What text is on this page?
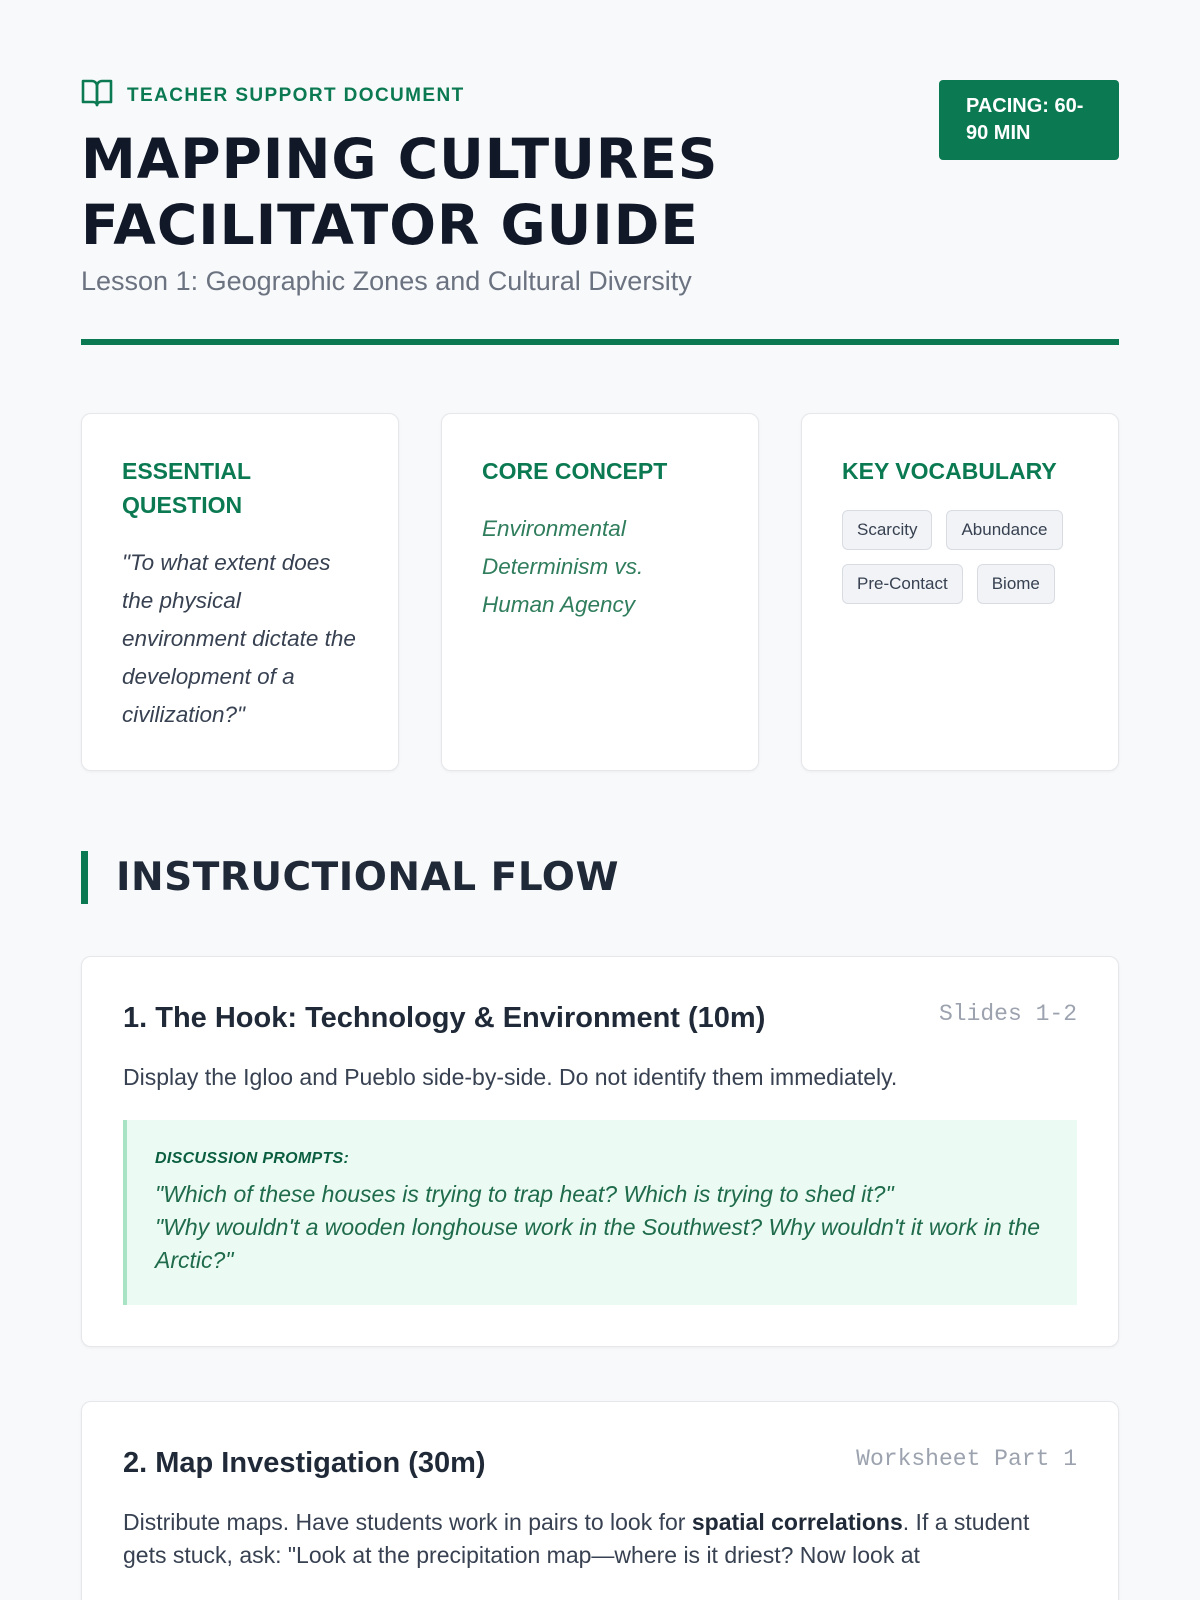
TEACHER SUPPORT DOCUMENT
MAPPING CULTURES
FACILITATOR GUIDE
Lesson 1: Geographic Zones and Cultural Diversity
PACING: 60-90 MIN
ESSENTIAL QUESTION
"To what extent does the physical environment dictate the development of a civilization?"
CORE CONCEPT
Environmental Determinism vs. Human Agency
KEY VOCABULARY
Scarcity	Abundance
Pre-Contact	Biome
INSTRUCTIONAL FLOW
1. The Hook: Technology & Environment (10m)	Slides 1-2
Display the Igloo and Pueblo side-by-side. Do not identify them immediately.
DISCUSSION PROMPTS:
"Which of these houses is trying to trap heat? Which is trying to shed it?"
"Why wouldn't a wooden longhouse work in the Southwest? Why wouldn't it work in the Arctic?"
2. Map Investigation (30m)	Worksheet Part 1
Distribute maps. Have students work in pairs to look for spatial correlations. If a student gets stuck, ask: "Look at the precipitation map—where is it driest? Now look at
